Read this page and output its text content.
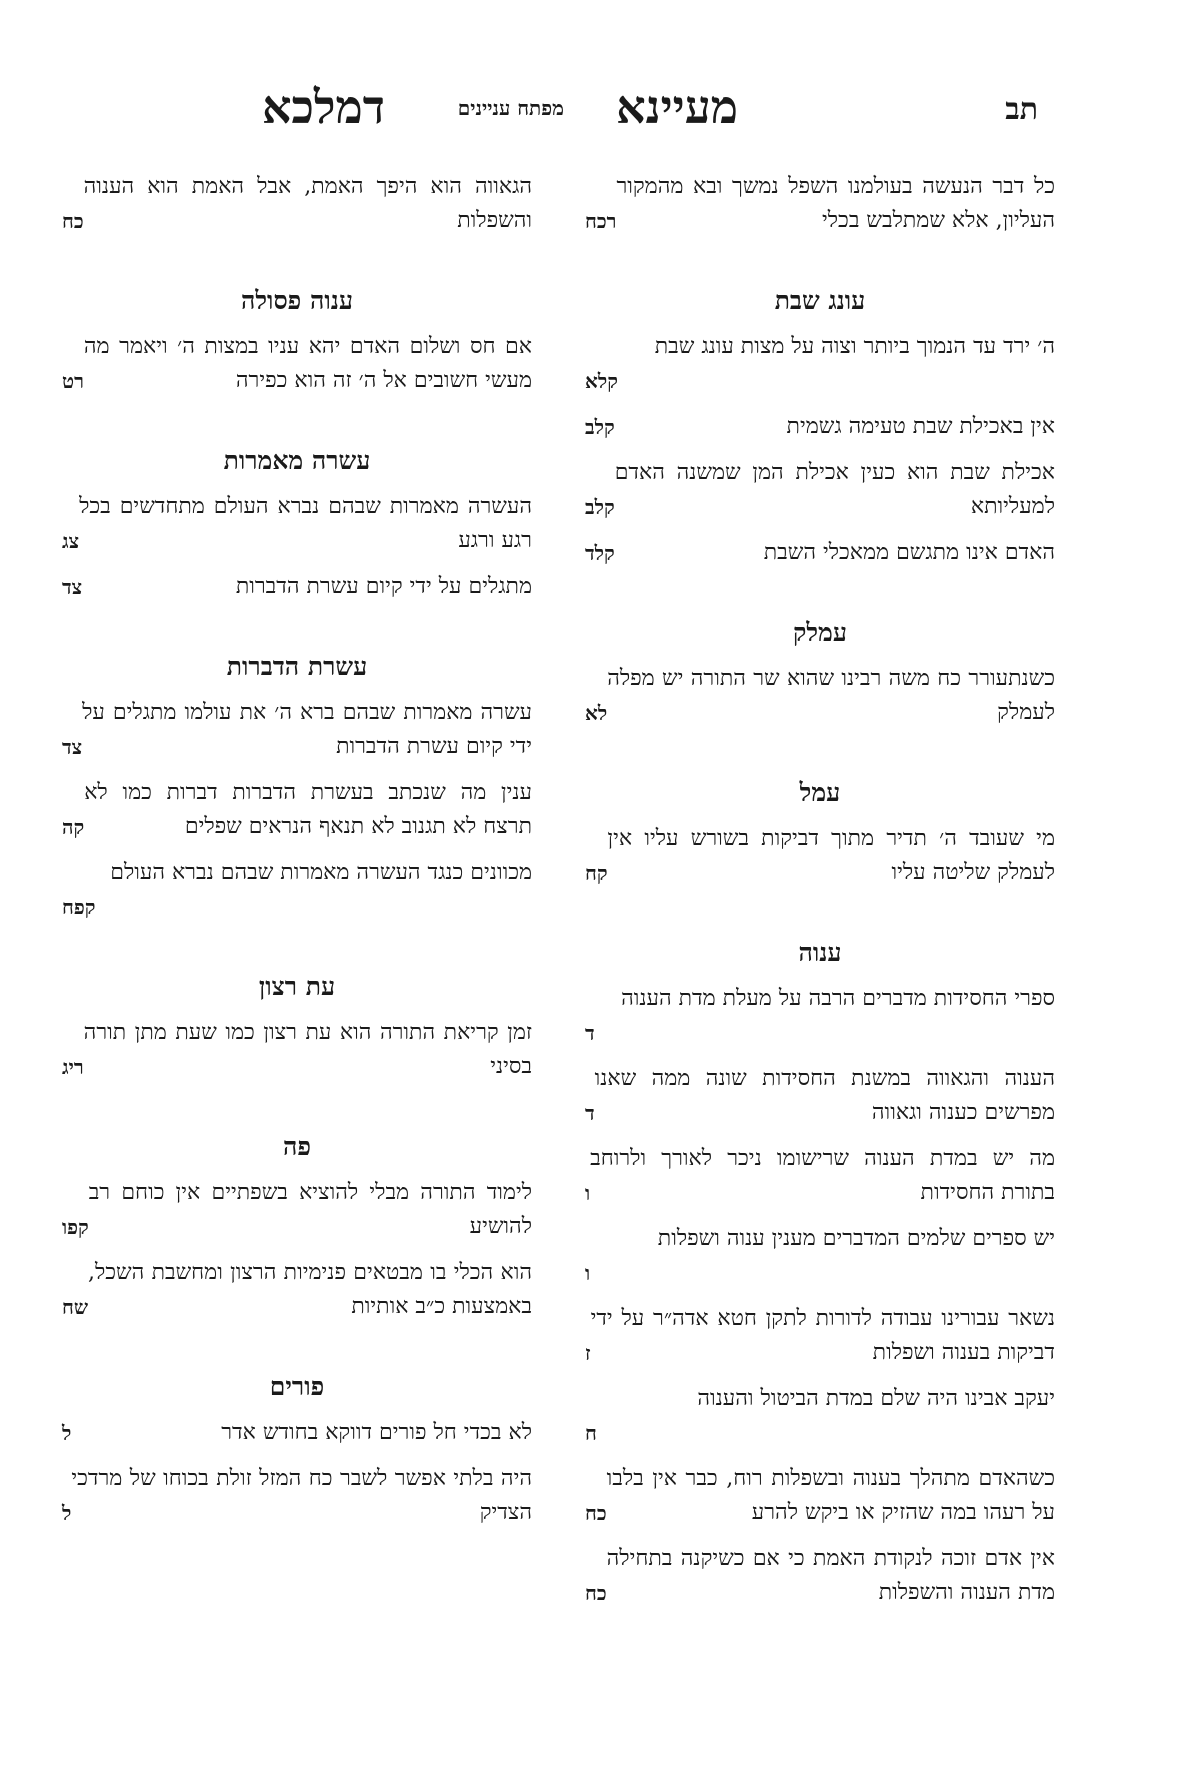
תב
מעיינא
מפתח עניינים
דמלכא
רכח
כל דבר הנעשה בעולמנו השפל נמשך ובא מהמקור העליון, אלא שמתלבש בכלי
עונג שבת
קלא
ה׳ ירד עד הנמוך ביותר וצוה על מצות עונג שבת
קלב	אין באכילת שבת טעימה גשמית
קלב
אכילת שבת הוא כעין אכילת המן שמשנה האדם למעליותא
קלד	האדם אינו מתגשם ממאכלי השבת
עמלק
לא
כשנתעורר כח משה רבינו שהוא שר התורה יש מפלה לעמלק
עמל
קח
מי שעובד ה׳ תדיר מתוך דביקות בשורש עליו אין לעמלק שליטה עליו
ענוה
ד
ספרי החסידות מדברים הרבה על מעלת מדת הענוה
ד
הענוה והגאווה במשנת החסידות שונה ממה שאנו מפרשים כענוה וגאווה
ו
מה יש במדת הענוה שרישומו ניכר לאורך ולרוחב בתורת החסידות
ו
יש ספרים שלמים המדברים מענין ענוה ושפלות
ז
נשאר עבורינו עבודה לדורות לתקן חטא אדה״ר על ידי דביקות בענוה ושפלות
ח
יעקב אבינו היה שלם במדת הביטול והענוה
כח
כשהאדם מתהלך בענוה ובשפלות רוח, כבר אין בלבו על רעהו במה שהזיק או ביקש להרע
כח
אין אדם זוכה לנקודת האמת כי אם כשיקנה בתחילה מדת הענוה והשפלות
כח
הגאווה הוא היפך האמת, אבל האמת הוא הענוה והשפלות
ענוה פסולה
רט
אם חס ושלום האדם יהא עניו במצות ה׳ ויאמר מה מעשי חשובים אל ה׳ זה הוא כפירה
עשרה מאמרות
צג
העשרה מאמרות שבהם נברא העולם מתחדשים בכל רגע ורגע
צד	מתגלים על ידי קיום עשרת הדברות
עשרת הדברות
צד
עשרה מאמרות שבהם ברא ה׳ את עולמו מתגלים על ידי קיום עשרת הדברות
קה
ענין מה שנכתב בעשרת הדברות דברות כמו לא תרצח לא תגנוב לא תנאף הנראים שפלים
קפח
מכוונים כנגד העשרה מאמרות שבהם נברא העולם
עת רצון
ריג
זמן קריאת התורה הוא עת רצון כמו שעת מתן תורה בסיני
פה
קפו
לימוד התורה מבלי להוציא בשפתיים אין כוחם רב להושיע
שח
הוא הכלי בו מבטאים פנימיות הרצון ומחשבת השכל, באמצעות כ״ב אותיות
פורים
ל	לא בכדי חל פורים דווקא בחודש אדר
ל
היה בלתי אפשר לשבר כח המזל זולת בכוחו של מרדכי הצדיק
